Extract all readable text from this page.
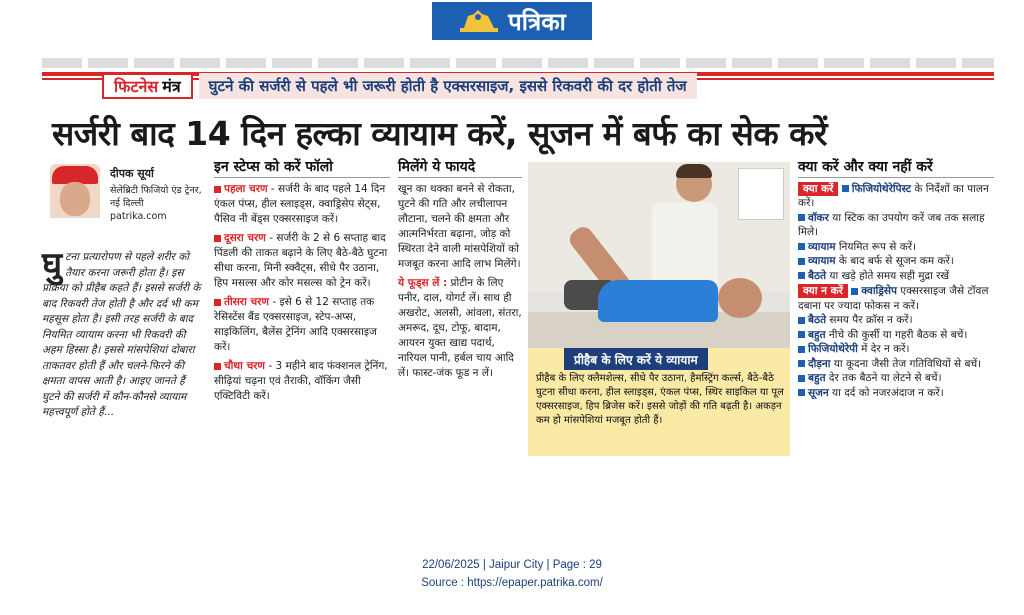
पत्रिका
फिटनेस मंत्र	घुटने की सर्जरी से पहले भी जरूरी होती है एक्सरसाइज, इससे रिकवरी की दर होती तेज
सर्जरी बाद 14 दिन हल्का व्यायाम करें, सूजन में बर्फ का सेक करें
दीपक सूर्या
सेलेब्रिटी फिजियो एंड ट्रेनर, नई दिल्ली
patrika.com
घु टना प्रत्यारोपण से पहले शरीर को तैयार करना जरूरी होता है। इस प्रक्रिया को प्रीहैब कहते हैं। इससे सर्जरी के बाद रिकवरी तेज होती है और दर्द भी कम महसूस होता है। इसी तरह सर्जरी के बाद नियमित व्यायाम करना भी रिकवरी की अहम हिस्सा है। इससे मांसपेशियां दोबारा ताकतवर होती हैं और चलने-फिरने की क्षमता वापस आती है। आइए जानते हैं घुटने की सर्जरी में कौन-कौनसे व्यायाम महत्त्वपूर्ण होते हैं...
इन स्टेप्स को करें फॉलो

पहला चरण - सर्जरी के बाद पहले 14 दिन एंकल पंप्स, हील स्लाइड्स, क्वाड्रिसेप सेट्स, पैसिव नी बेंड्स एक्सरसाइज करें।

दूसरा चरण - सर्जरी के 2 से 6 सप्ताह बाद पिंडली की ताकत बढ़ाने के लिए बैठे-बैठे घुटना सीधा करना, मिनी स्क्वैट्स, सीधे पैर उठाना, हिप मसल्स और कोर मसल्स को ट्रेन करें।

तीसरा चरण - इसे 6 से 12 सप्ताह तक रेसिस्टेंस बैंड एक्सरसाइज, स्टेप-अप्स, साइकिलिंग, बैलेंस ट्रेनिंग आदि एक्सरसाइज करें।

चौथा चरण - 3 महीने बाद फंक्शनल ट्रेनिंग, सीढ़ियां चढ़ना एवं तैराकी, वॉकिंग जैसी एक्टिविटी करें।

मिलेंगे ये फायदे

खून का थक्का बनने से रोकता, घुटने की गति और लचीलापन लौटाना, चलने की क्षमता और आत्मनिर्भरता बढ़ाना, जोड़ को स्थिरता देने वाली मांसपेशियों को मजबूत करना आदि लाभ मिलेंगे।

ये फूड्स लें : प्रोटीन के लिए पनीर, दाल, योगर्ट लें। साथ ही अखरोट, अलसी, आंवला, संतरा, अमरूद, दूध, टोफू, बादाम, आयरन युक्त खाद्य पदार्थ, नारियल पानी, हर्बल चाय आदि लें। फास्ट-जंक फूड न लें।

प्रीहैब के लिए करें ये व्यायाम
प्रीहैब के लिए क्लैमशेल्स, सीधे पैर उठाना, हैमस्ट्रिंग कर्ल्स, बैठे-बैठे घुटना सीधा करना, हील स्लाइड्स, एंकल पंप्स, स्थिर साइकिल या पूल एक्सरसाइज, हिप ब्रिजेस करें। इससे जोड़ों की गति बढ़ती है। अकड़न कम हो मांसपेशियां मजबूत होती हैं।
क्या करें और क्या नहीं करें

क्या करें फिजियोथेरेपिस्ट के निर्देशों का पालन करें।
वॉकर या स्टिक का उपयोग करें जब तक सलाह मिले।
व्यायाम नियमित रूप से करें।
व्यायाम के बाद बर्फ से सूजन कम करें।
बैठते या खड़े होते समय सही मुद्रा रखें

क्या न करें क्वाड्रिसेप एक्सरसाइज जैसे टॉवल दबाना पर ज्यादा फोकस न करें।
बैठते समय पैर क्रॉस न करें।
बहुत नीचे की कुर्सी या गहरी बैठक से बचें।
फिजियोथेरेपी में देर न करें।
दौड़ना या कूदना जैसी तेज गतिविधियों से बचें।
बहुत देर तक बैठने या लेटने से बचें।
सूजन या दर्द को नजरअंदाज न करें।

22/06/2025 | Jaipur City | Page : 29
Source : https://epaper.patrika.com/
